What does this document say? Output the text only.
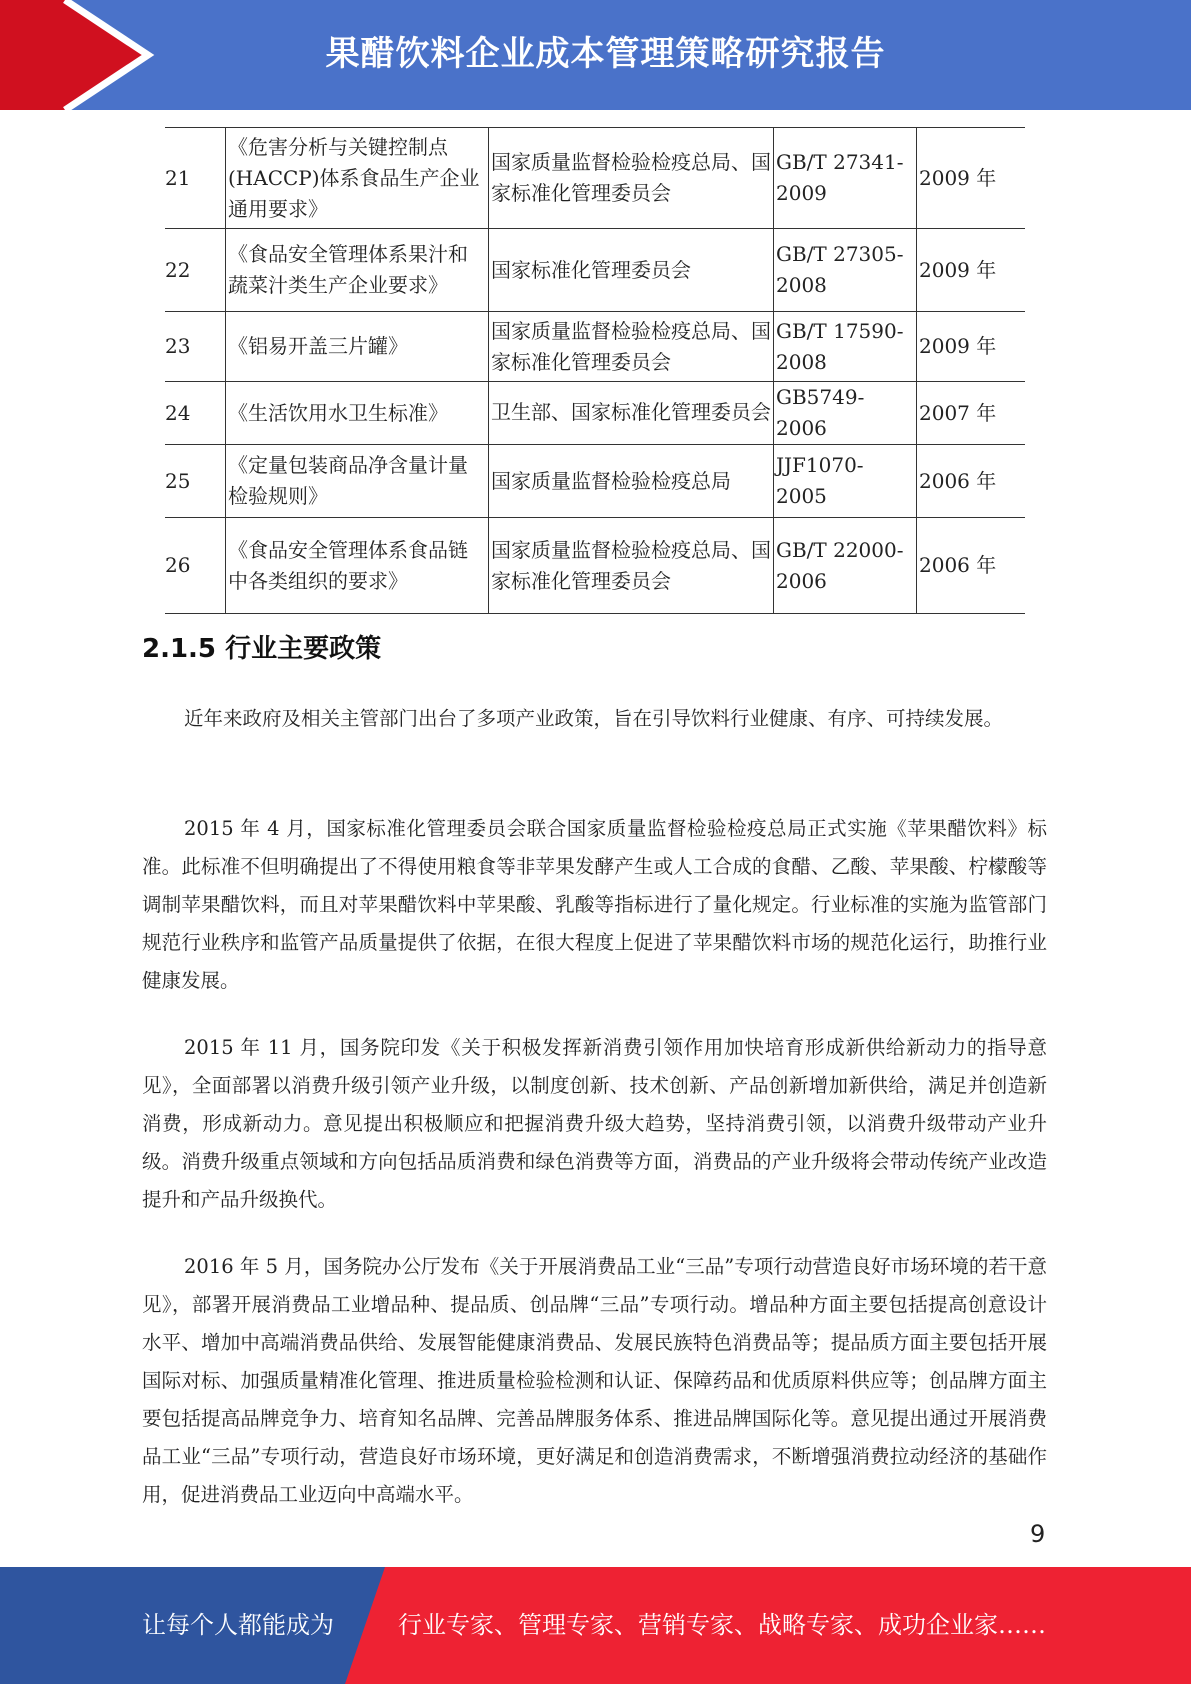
果醋饮料企业成本管理策略研究报告
21	《危害分析与关键控制点(HACCP)体系食品生产企业通用要求》	国家质量监督检验检疫总局、国家标准化管理委员会	GB/T 27341-2009	2009 年
22	《食品安全管理体系果汁和蔬菜汁类生产企业要求》	国家标准化管理委员会	GB/T 27305-2008	2009 年
23	《铝易开盖三片罐》	国家质量监督检验检疫总局、国家标准化管理委员会	GB/T 17590-2008	2009 年
24	《生活饮用水卫生标准》	卫生部、国家标准化管理委员会	GB5749-2006	2007 年
25	《定量包装商品净含量计量检验规则》	国家质量监督检验检疫总局	JJF1070-2005	2006 年
26	《食品安全管理体系食品链中各类组织的要求》	国家质量监督检验检疫总局、国家标准化管理委员会	GB/T 22000-2006	2006 年
2.1.5 行业主要政策

近年来政府及相关主管部门出台了多项产业政策，旨在引导饮料行业健康、有序、可持续发展。

2015 年 4 月，国家标准化管理委员会联合国家质量监督检验检疫总局正式实施《苹果醋饮料》标准。此标准不但明确提出了不得使用粮食等非苹果发酵产生或人工合成的食醋、乙酸、苹果酸、柠檬酸等调制苹果醋饮料，而且对苹果醋饮料中苹果酸、乳酸等指标进行了量化规定。行业标准的实施为监管部门规范行业秩序和监管产品质量提供了依据，在很大程度上促进了苹果醋饮料市场的规范化运行，助推行业健康发展。

2015 年 11 月，国务院印发《关于积极发挥新消费引领作用加快培育形成新供给新动力的指导意见》，全面部署以消费升级引领产业升级，以制度创新、技术创新、产品创新增加新供给，满足并创造新消费，形成新动力。意见提出积极顺应和把握消费升级大趋势，坚持消费引领，以消费升级带动产业升级。消费升级重点领域和方向包括品质消费和绿色消费等方面，消费品的产业升级将会带动传统产业改造提升和产品升级换代。

2016 年 5 月，国务院办公厅发布《关于开展消费品工业“三品”专项行动营造良好市场环境的若干意见》，部署开展消费品工业增品种、提品质、创品牌“三品”专项行动。增品种方面主要包括提高创意设计水平、增加中高端消费品供给、发展智能健康消费品、发展民族特色消费品等；提品质方面主要包括开展国际对标、加强质量精准化管理、推进质量检验检测和认证、保障药品和优质原料供应等；创品牌方面主要包括提高品牌竞争力、培育知名品牌、完善品牌服务体系、推进品牌国际化等。意见提出通过开展消费品工业“三品”专项行动，营造良好市场环境，更好满足和创造消费需求，不断增强消费拉动经济的基础作用，促进消费品工业迈向中高端水平。

9
让每个人都能成为	行业专家、管理专家、营销专家、战略专家、成功企业家……
